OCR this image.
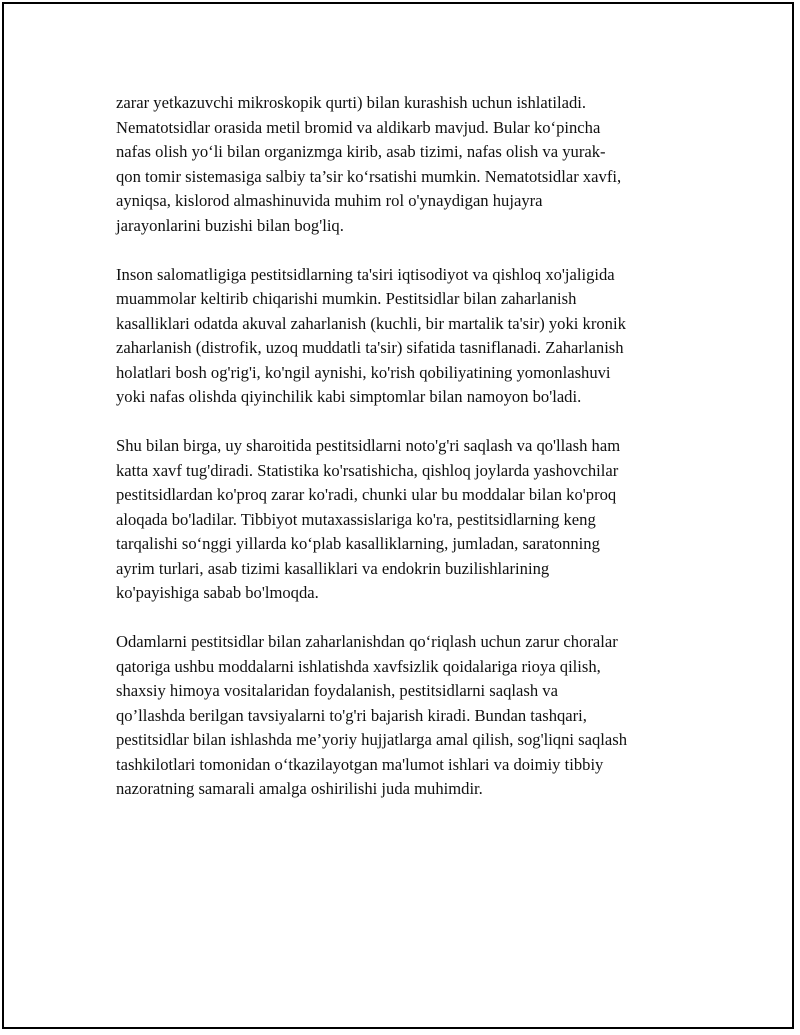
zarar yetkazuvchi mikroskopik qurti) bilan kurashish uchun ishlatiladi.
Nematotsidlar orasida metil bromid va aldikarb mavjud. Bular ko‘pincha
nafas olish yo‘li bilan organizmga kirib, asab tizimi, nafas olish va yurak-
qon tomir sistemasiga salbiy ta’sir ko‘rsatishi mumkin. Nematotsidlar xavfi,
ayniqsa, kislorod almashinuvida muhim rol o'ynaydigan hujayra
jarayonlarini buzishi bilan bog'liq.

Inson salomatligiga pestitsidlarning ta'siri iqtisodiyot va qishloq xo'jaligida
muammolar keltirib chiqarishi mumkin. Pestitsidlar bilan zaharlanish
kasalliklari odatda akuval zaharlanish (kuchli, bir martalik ta'sir) yoki kronik
zaharlanish (distrofik, uzoq muddatli ta'sir) sifatida tasniflanadi. Zaharlanish
holatlari bosh og'rig'i, ko'ngil aynishi, ko'rish qobiliyatining yomonlashuvi
yoki nafas olishda qiyinchilik kabi simptomlar bilan namoyon bo'ladi.

Shu bilan birga, uy sharoitida pestitsidlarni noto'g'ri saqlash va qo'llash ham
katta xavf tug'diradi. Statistika ko'rsatishicha, qishloq joylarda yashovchilar
pestitsidlardan ko'proq zarar ko'radi, chunki ular bu moddalar bilan ko'proq
aloqada bo'ladilar. Tibbiyot mutaxassislariga ko'ra, pestitsidlarning keng
tarqalishi so‘nggi yillarda ko‘plab kasalliklarning, jumladan, saratonning
ayrim turlari, asab tizimi kasalliklari va endokrin buzilishlarining
ko'payishiga sabab bo'lmoqda.

Odamlarni pestitsidlar bilan zaharlanishdan qo‘riqlash uchun zarur choralar
qatoriga ushbu moddalarni ishlatishda xavfsizlik qoidalariga rioya qilish,
shaxsiy himoya vositalaridan foydalanish, pestitsidlarni saqlash va
qo’llashda berilgan tavsiyalarni to'g'ri bajarish kiradi. Bundan tashqari,
pestitsidlar bilan ishlashda me’yoriy hujjatlarga amal qilish, sog'liqni saqlash
tashkilotlari tomonidan o‘tkazilayotgan ma'lumot ishlari va doimiy tibbiy
nazoratning samarali amalga oshirilishi juda muhimdir.
